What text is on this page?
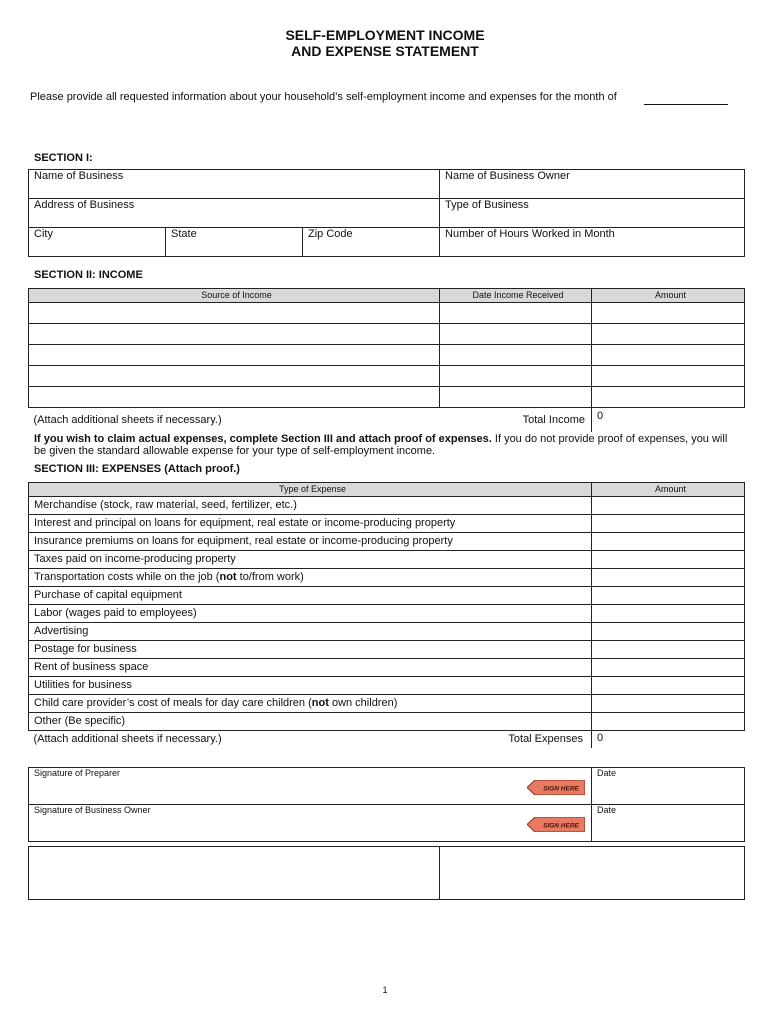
SELF-EMPLOYMENT INCOME
AND EXPENSE STATEMENT
Please provide all requested information about your household’s self-employment income and expenses for the month of
SECTION I:
Name of Business			Name of Business Owner
Address of Business			Type of Business
City	State	Zip Code	Number of Hours Worked in Month
SECTION II: INCOME
Source of Income	Date Income Received	Amount

(Attach additional sheets if necessary.) Total Income		0
If you wish to claim actual expenses, complete Section III and attach proof of expenses. If you do not provide proof of expenses, you will be given the standard allowable expense for your type of self-employment income.
SECTION III: EXPENSES (Attach proof.)
Type of Expense	Amount
Merchandise (stock, raw material, seed, fertilizer, etc.)	
Interest and principal on loans for equipment, real estate or income-producing property	
Insurance premiums on loans for equipment, real estate or income-producing property	
Taxes paid on income-producing property	
Transportation costs while on the job (not to/from work)	
Purchase of capital equipment	
Labor (wages paid to employees)	
Advertising	
Postage for business	
Rent of business space	
Utilities for business	
Child care provider’s cost of meals for day care children (not own children)	
Other (Be specific)	
(Attach additional sheets if necessary.) Total Expenses	0
Signature of Preparer
SIGN HERE	Date
Signature of Business Owner
SIGN HERE	Date

1
